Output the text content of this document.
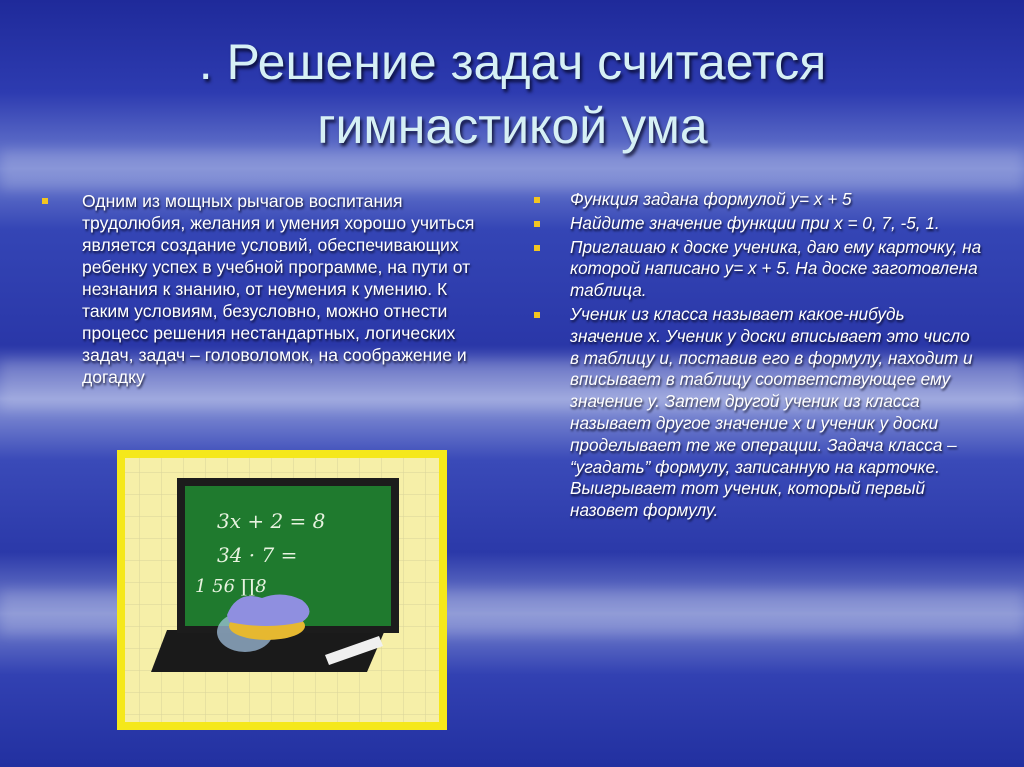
. Решение задач считается
гимнастикой ума
Одним из мощных рычагов воспитания трудолюбия, желания и умения хорошо учиться является создание условий, обеспечивающих ребенку успех в учебной программе, на пути от незнания к знанию, от неумения к умению. К таким условиям, безусловно, можно отнести процесс решения нестандартных, логических задач, задач – головоломок, на соображение и догадку
Функция задана формулой у= х + 5
Найдите значение функции при х = 0, 7, -5, 1.
Приглашаю к доске ученика, даю ему карточку, на которой написано у= х + 5. На доске заготовлена таблица.
Ученик из класса называет какое-нибудь значение х. Ученик у доски вписывает это число в таблицу и, поставив его в формулу, находит и вписывает в таблицу соответствующее ему значение у. Затем другой ученик из класса называет другое значение х и ученик у доски проделывает те же операции. Задача класса – “угадать” формулу, записанную на карточке. Выигрывает тот ученик, который первый назовет формулу.
3x + 2 = 8
34 · 7 =
1 56 ∏8
